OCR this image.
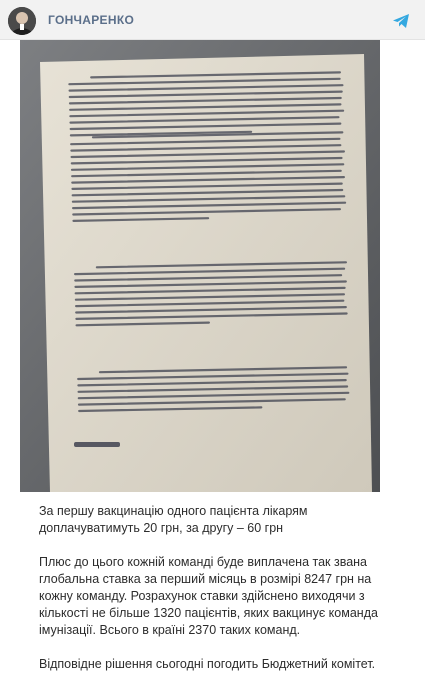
ГОНЧАРЕНКО

За першу вакцинацію одного пацієнта лікарям доплачуватимуть 20 грн, за другу – 60 грн

Плюс до цього кожній команді буде виплачена так звана глобальна ставка за перший місяць в розмірі 8247 грн на кожну команду. Розрахунок ставки здійснено виходячи з кількості не більше 1320 пацієнтів, яких вакцинує команда імунізації. Всього в країні 2370 таких команд.

Відповідне рішення сьогодні погодить Бюджетний комітет.
